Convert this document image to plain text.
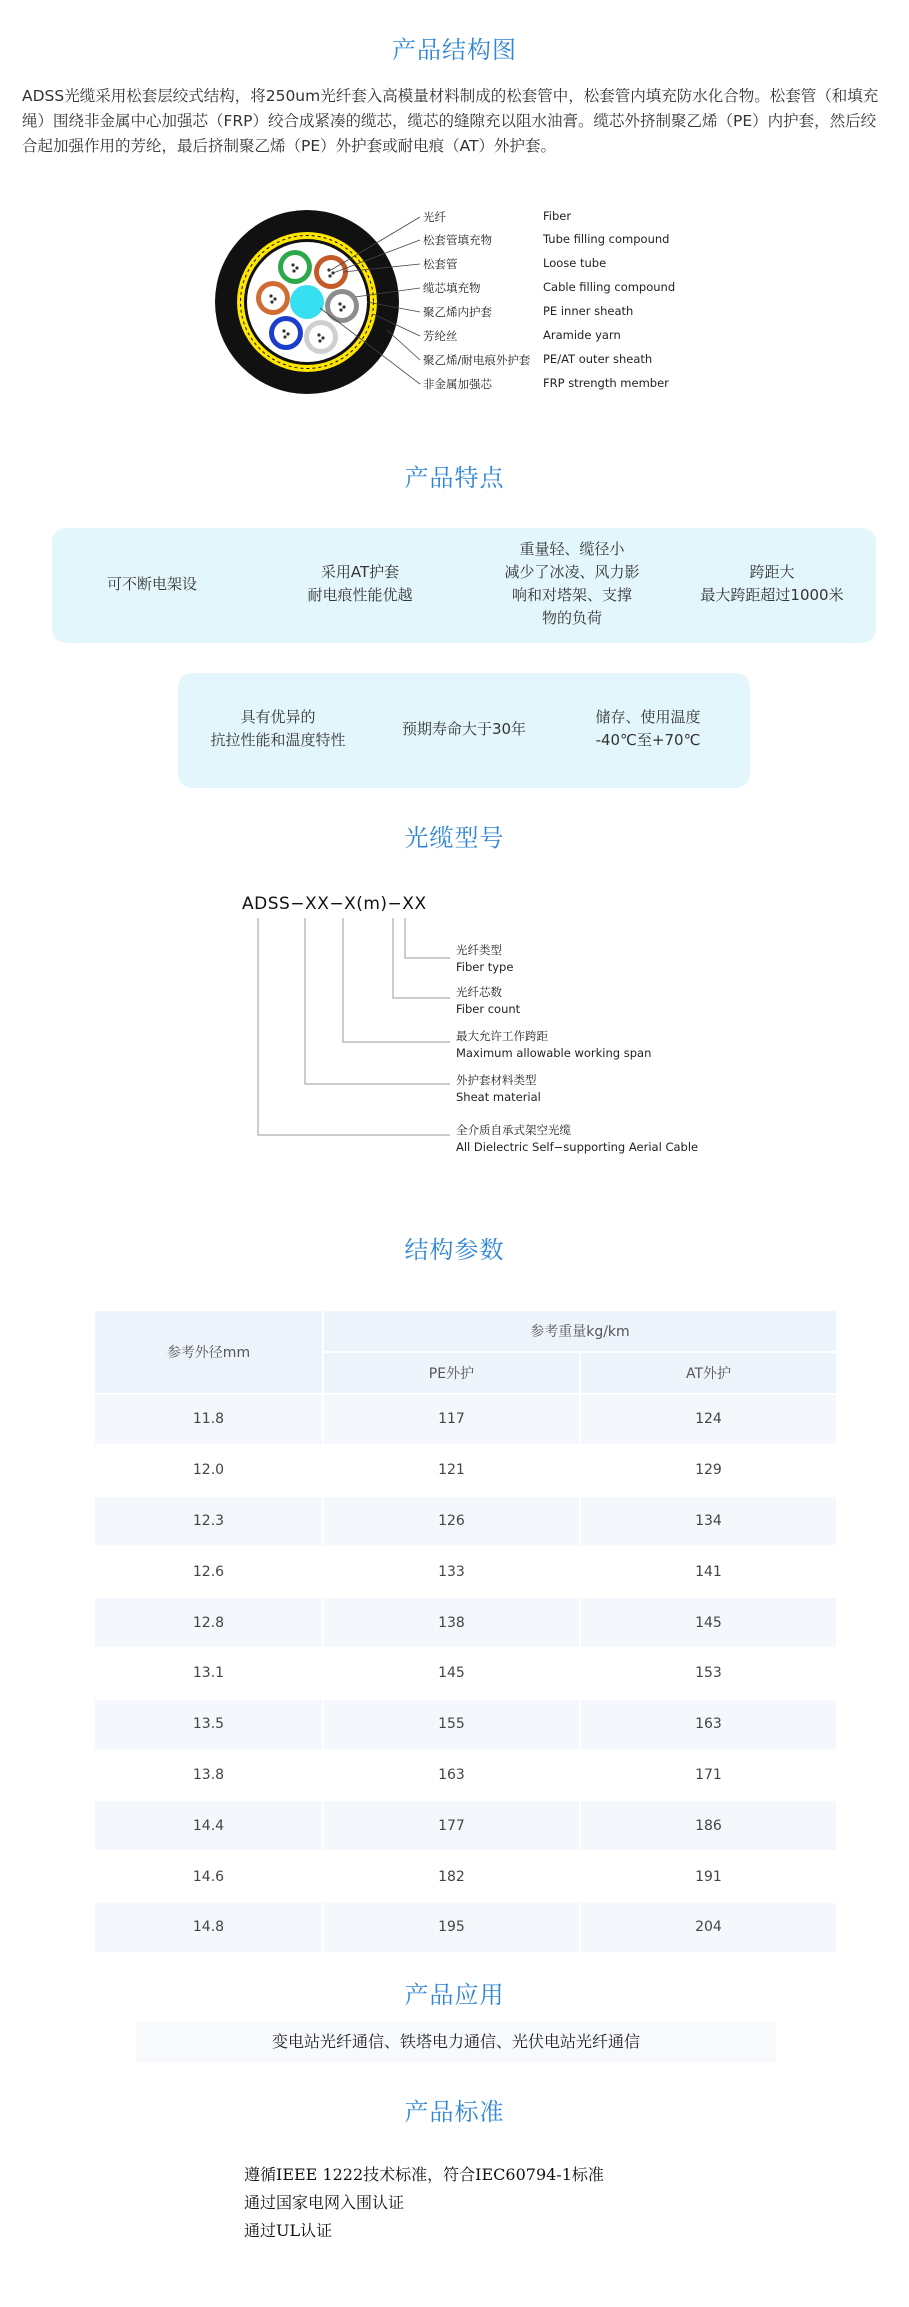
产品结构图
ADSS光缆采用松套层绞式结构，将250um光纤套入高模量材料制成的松套管中，松套管内填充防水化合物。松套管（和填充绳）围绕非金属中心加强芯（FRP）绞合成紧凑的缆芯，缆芯的缝隙充以阻水油膏。缆芯外挤制聚乙烯（PE）内护套，然后绞合起加强作用的芳纶，最后挤制聚乙烯（PE）外护套或耐电痕（AT）外护套。
光纤
松套管填充物
松套管
缆芯填充物
聚乙烯内护套
芳纶丝
聚乙烯/耐电痕外护套
非金属加强芯
Fiber
Tube filling compound
Loose tube
Cable filling compound
PE inner sheath
Aramide yarn
PE/AT outer sheath
FRP strength member
产品特点
可不断电架设
采用AT护套
耐电痕性能优越
重量轻、缆径小
减少了冰凌、风力影
响和对塔架、支撑
物的负荷
跨距大
最大跨距超过1000米
具有优异的
抗拉性能和温度特性
预期寿命大于30年
储存、使用温度
-40℃至+70℃
光缆型号
ADSS−XX−X(m)−XX
光纤类型
Fiber type
光纤芯数
Fiber count
最大允许工作跨距
Maximum allowable working span
外护套材料类型
Sheat material
全介质自承式架空光缆
All Dielectric Self−supporting Aerial Cable
结构参数
参考外径mm	参考重量kg/km	
	PE外护	AT外护
11.8	117	124
12.0	121	129
12.3	126	134
12.6	133	141
12.8	138	145
13.1	145	153
13.5	155	163
13.8	163	171
14.4	177	186
14.6	182	191
14.8	195	204
产品应用
变电站光纤通信、铁塔电力通信、光伏电站光纤通信
产品标准
遵循IEEE 1222技术标准，符合IEC60794-1标准
通过国家电网入围认证
通过UL认证
